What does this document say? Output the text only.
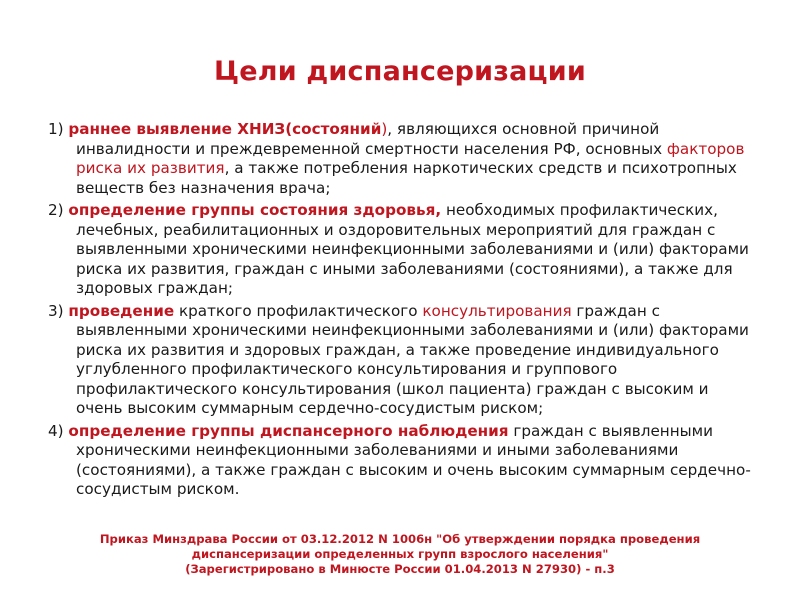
Цели диспансеризации
1) раннее выявление ХНИЗ(состояний), являющихся основной причиной инвалидности и преждевременной смертности населения РФ, основных факторов риска их развития, а также потребления наркотических средств и психотропных веществ без назначения врача;
2) определение группы состояния здоровья, необходимых профилактических, лечебных, реабилитационных и оздоровительных мероприятий для граждан с выявленными хроническими неинфекционными заболеваниями и (или) факторами риска их развития, граждан с иными заболеваниями (состояниями), а также для здоровых граждан;
3) проведение краткого профилактического консультирования граждан с выявленными хроническими неинфекционными заболеваниями и (или) факторами риска их развития и здоровых граждан, а также проведение индивидуального углубленного профилактического консультирования и группового профилактического консультирования (школ пациента) граждан с высоким и очень высоким суммарным сердечно-сосудистым риском;
4) определение группы диспансерного наблюдения граждан с выявленными хроническими неинфекционными заболеваниями и иными заболеваниями (состояниями), а также граждан с высоким и очень высоким суммарным сердечно-сосудистым риском.
Приказ Минздрава России от 03.12.2012 N 1006н "Об утверждении порядка проведения
диспансеризации определенных групп взрослого населения"
(Зарегистрировано в Минюсте России 01.04.2013 N 27930) - п.3
